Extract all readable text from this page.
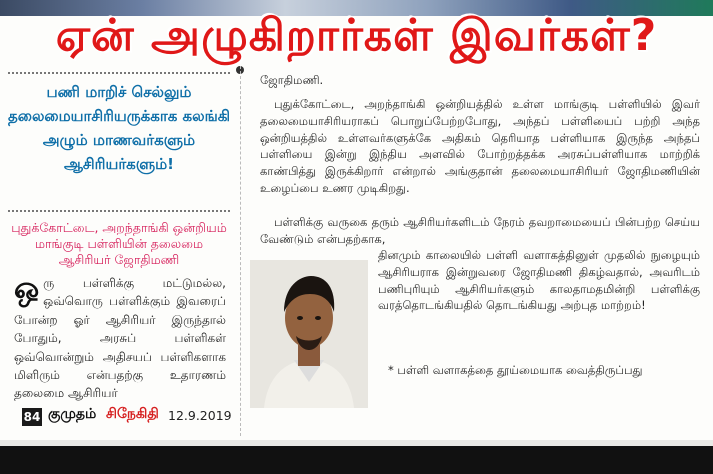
ஏன் அழுகிறார்கள் இவர்கள்?
பணி மாறிச் செல்லும் தலைமையாசிரியருக்காக கலங்கி அழும் மாணவர்களும் ஆசிரியர்களும்!
புதுக்கோட்டை, அறந்தாங்கி ஒன்றியம் மாங்குடி பள்ளியின் தலைமை ஆசிரியர் ஜோதிமணி
ஒரு பள்ளிக்கு மட்டுமல்ல, ஒவ்வொரு பள்ளிக்கும் இவரைப் போன்ற ஓர் ஆசிரியர் இருந்தால் போதும், அரசுப் பள்ளிகள் ஒவ்வொன்றும் அதிசயப் பள்ளிகளாக மிளிரும் என்பதற்கு உதாரணம் தலைமை ஆசிரியர்
ஜோதிமணி.
புதுக்கோட்டை, அறந்தாங்கி ஒன்றியத்தில் உள்ள மாங்குடி பள்ளியில் இவர் தலைமையாசிரியராகப் பொறுப்பேற்றபோது, அந்தப் பள்ளியைப் பற்றி அந்த ஒன்றியத்தில் உள்ளவர்களுக்கே அதிகம் தெரியாத பள்ளியாக இருந்த அந்தப் பள்ளியை இன்று இந்திய அளவில் போற்றத்தக்க அரசுப்பள்ளியாக மாற்றிக் காண்பித்து இருக்கிறார் என்றால் அங்குதான் தலைமையாசிரியர் ஜோதிமணியின் உழைப்பை உணர முடிகிறது.
பள்ளிக்கு வருகை தரும் ஆசிரியர்களிடம் நேரம் தவறாமையைப் பின்பற்ற செய்ய வேண்டும் என்பதற்காக,
தினமும் காலையில் பள்ளி வளாகத்தினுள் முதலில் நுழையும் ஆசிரியராக இன்றுவரை ஜோதிமணி திகழ்வதால், அவரிடம் பணிபுரியும் ஆசிரியர்களும் காலதாமதமின்றி பள்ளிக்கு வரத்தொடங்கியதில் தொடங்கியது அற்புத மாற்றம்!
* பள்ளி வளாகத்தை தூய்மையாக வைத்திருப்பது
84 குமுதம் சிநேகிதி 12.9.2019
